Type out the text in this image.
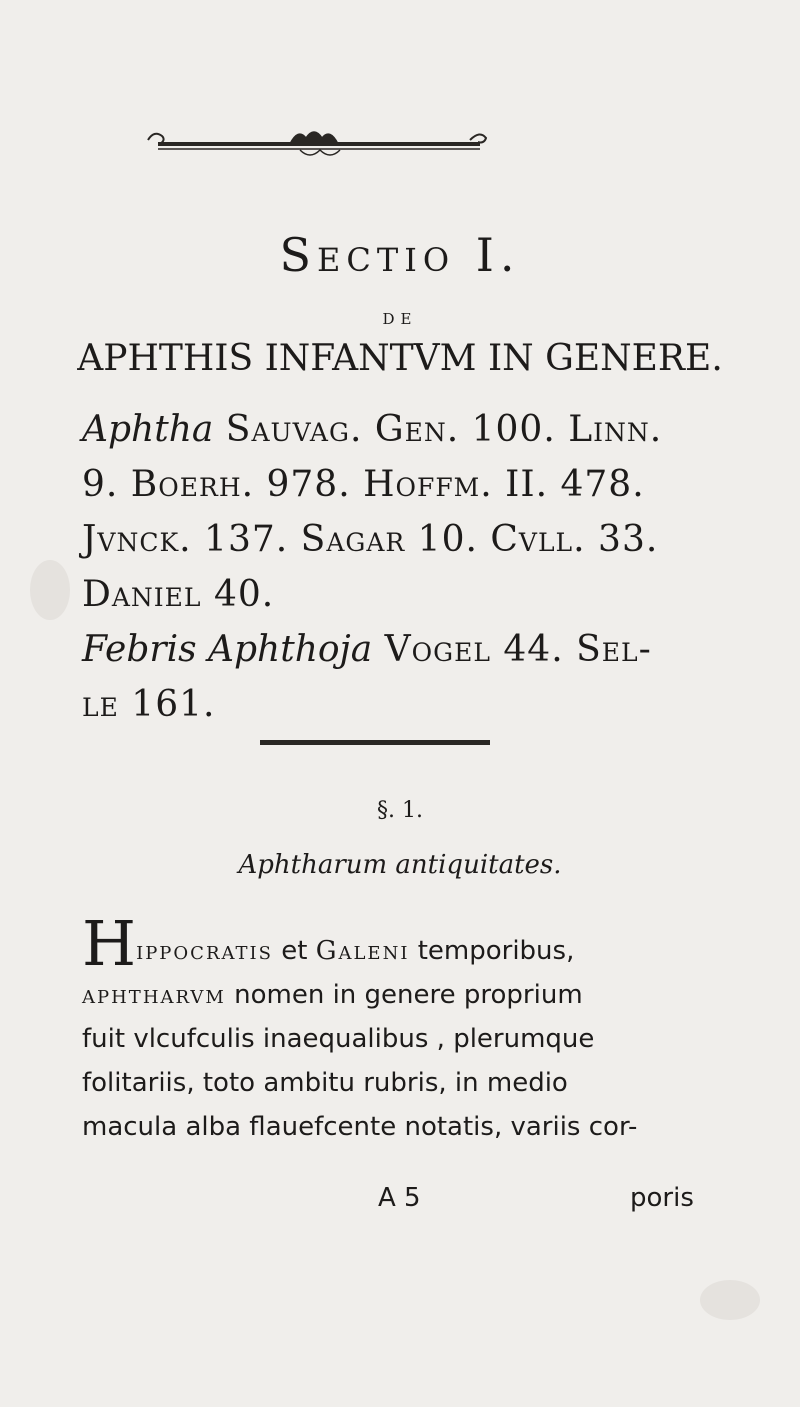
Sectio I.
DE
APHTHIS INFANTVM IN GENERE.
Aphtha Sauvag. Gen. 100. Linn.
9. Boerh. 978. Hoffm. II. 478.
Jvnck. 137. Sagar 10. Cvll. 33.
Daniel 40.
Febris Aphthoja Vogel 44. Sel-
le 161.
§. 1.
Aphtharum antiquitates.
Hippocratis et Galeni temporibus,
aphtharvm nomen in genere proprium
fuit vlcufculis inaequalibus , plerumque
folitariis, toto ambitu rubris, in medio
macula alba flauefcente notatis, variis cor-
A 5	poris
